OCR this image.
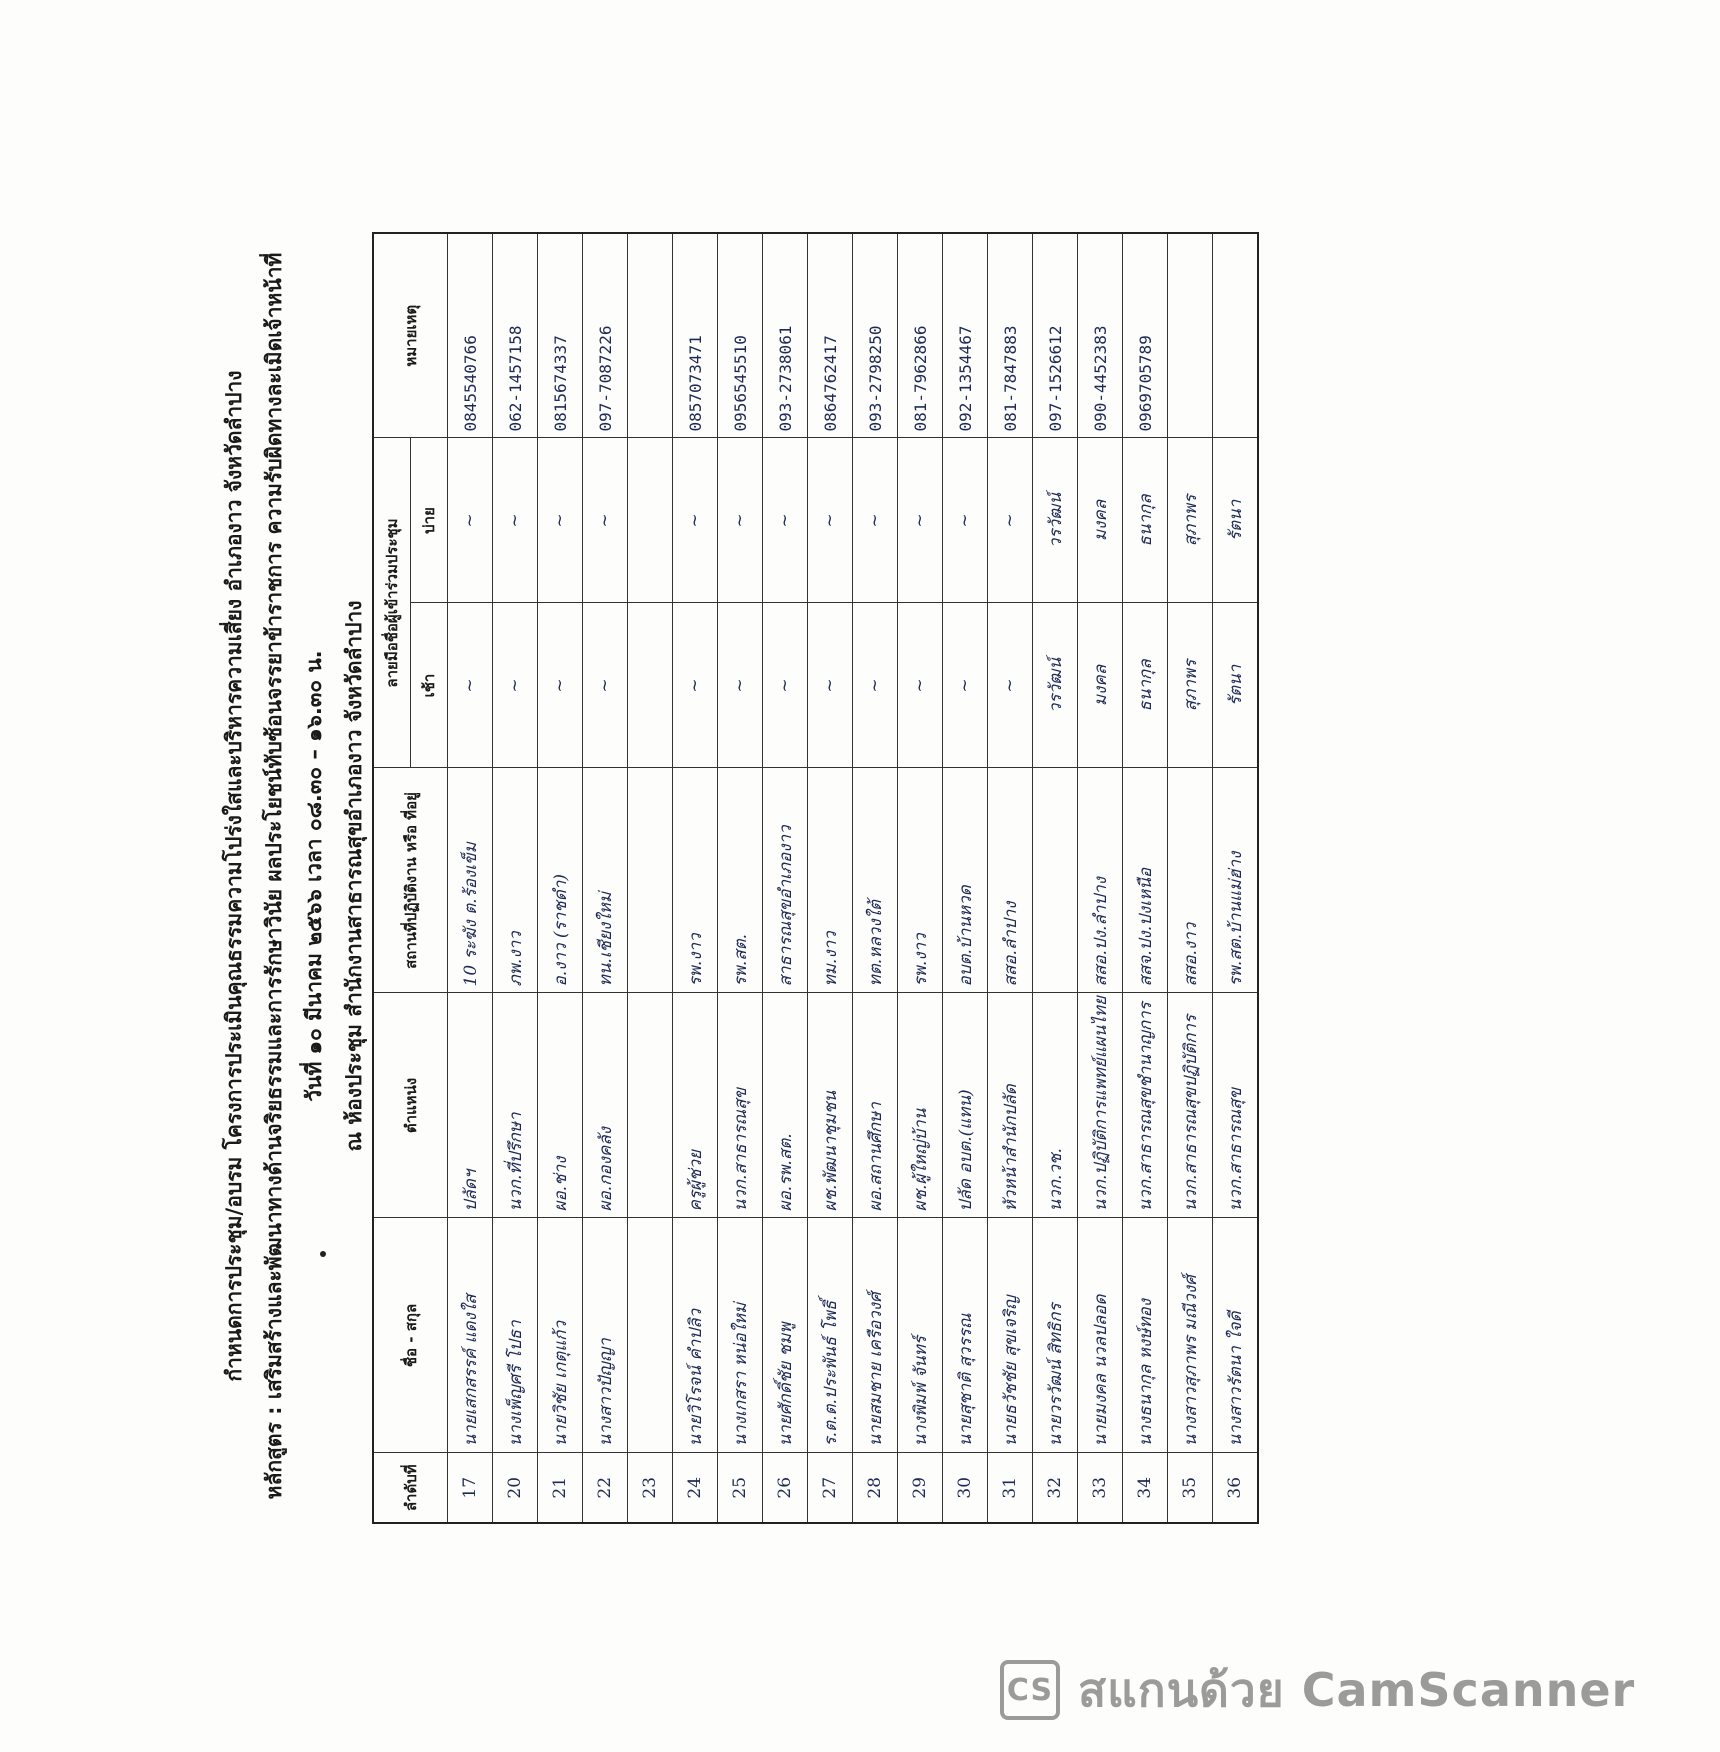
กำหนดการประชุม/อบรม โครงการประเมินคุณธรรมความโปร่งใสและบริหารความเสี่ยง อำเภองาว จังหวัดลำปาง หลักสูตร : เสริมสร้างและพัฒนาทางด้านจริยธรรมและการรักษาวินัย ผลประโยชน์ทับซ้อนจรรยาข้าราชการ ความรับผิดทางละเมิดเจ้าหน้าที่ วันที่ ๑๐ มีนาคม ๒๕๖๖ เวลา ๐๘.๓๐ – ๑๖.๓๐ น. ณ ห้องประชุม สำนักงานสาธารณสุขอำเภองาว จังหวัดลำปาง
ลำดับที่	ชื่อ - สกุล	ตำแหน่ง	สถานที่ปฏิบัติงาน หรือ ที่อยู่	ลายมือชื่อผู้เข้าร่วมประชุม		หมายเหตุ
				เช้า	บ่าย	
17	นายเสกสรรค์ แดงใส	ปลัดฯ	10 ระฆัง ต.ร้องเข็ม	~	~	0845540766
20	นางเพ็ญศรี โปธา	นวก.ที่ปรึกษา	ภพ.งาว	~	~	062-1457158
21	นายวิชัย เกตุแก้ว	ผอ.ช่าง	อ.งาว (ราชดำ)	~	~	0815674337
22	นางสาวปัญญา	ผอ.กองคลัง	ทน.เชียงใหม่	~	~	097-7087226
23						
24	นายวิโรจน์ คำปลิว	ครูผู้ช่วย	รพ.งาว	~	~	0857073471
25	นางเกสรา หน่อใหม่	นวก.สาธารณสุข	รพ.สต.	~	~	0956545510
26	นายศักดิ์ชัย ชมพู	ผอ.รพ.สต.	สาธารณสุขอำเภองาว	~	~	093-2738061
27	ร.ต.ต.ประพันธ์ โพธิ์	ผช.พัฒนาชุมชน	ทม.งาว	~	~	0864762417
28	นายสมชาย เครือวงศ์	ผอ.สถานศึกษา	ทต.หลวงใต้	~	~	093-2798250
29	นางพิมพ์ จันทร์	ผช.ผู้ใหญ่บ้าน	รพ.งาว	~	~	081-7962866
30	นายสุชาติ สุวรรณ	ปลัด อบต.(แทน)	อบต.บ้านหวด	~	~	092-1354467
31	นายธวัชชัย สุขเจริญ	หัวหน้าสำนักปลัด	สสอ.ลำปาง	~	~	081-7847883
32	นายวรวัฒน์ สิทธิกร	นวก.วช.		วรวัฒน์	วรวัฒน์	097-1526612
33	นายมงคล นวลปลอด	นวก.ปฏิบัติการแพทย์แผนไทย	สสอ.ปง.ลำปาง	มงคล	มงคล	090-4452383
34	นางธนากุล หงษ์ทอง	นวก.สาธารณสุขชำนาญการ	สสจ.ปง.ปงเหนือ	ธนากุล	ธนากุล	0969705789
35	นางสาวสุภาพร มณีวงศ์	นวก.สาธารณสุขปฏิบัติการ	สสอ.งาว	สุภาพร	สุภาพร	
36	นางสาวรัตนา ใจดี	นวก.สาธารณสุข	รพ.สต.บ้านแม่ฮ่าง	รัตนา	รัตนา	
CS สแกนด้วย CamScanner
